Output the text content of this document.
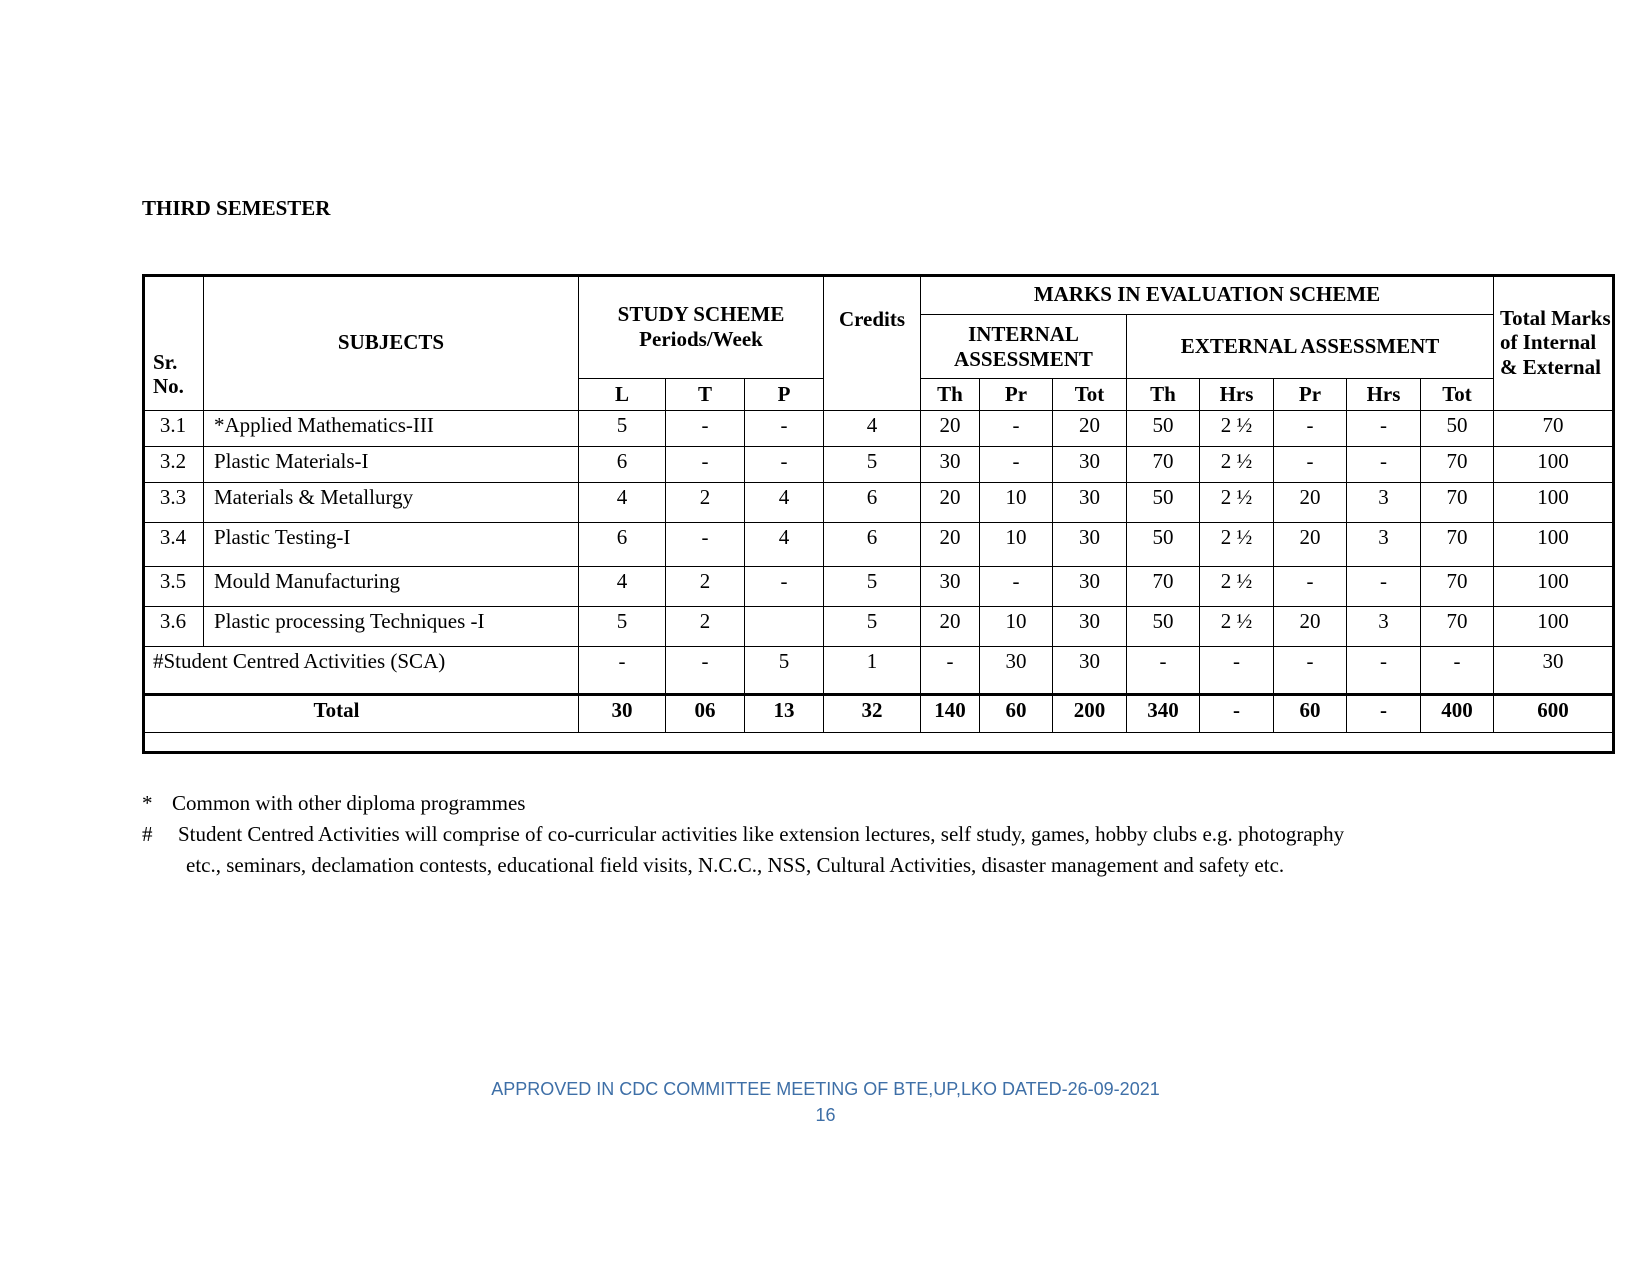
THIRD SEMESTER
Sr. No.	SUBJECTS	STUDY SCHEME Periods/Week			Credits	MARKS IN EVALUATION SCHEME								Total Marks of Internal & External
						INTERNAL ASSESSMENT			EXTERNAL ASSESSMENT					
		L	T	P		Th	Pr	Tot	Th	Hrs	Pr	Hrs	Tot	
3.1	*Applied Mathematics-III	5	-	-	4	20	-	20	50	2 ½	-	-	50	70
3.2	Plastic Materials-I	6	-	-	5	30	-	30	70	2 ½	-	-	70	100
3.3	Materials & Metallurgy	4	2	4	6	20	10	30	50	2 ½	20	3	70	100
3.4	Plastic Testing-I	6	-	4	6	20	10	30	50	2 ½	20	3	70	100
3.5	Mould Manufacturing	4	2	-	5	30	-	30	70	2 ½	-	-	70	100
3.6	Plastic processing Techniques -I	5	2		5	20	10	30	50	2 ½	20	3	70	100
#Student Centred Activities (SCA)		-	-	5	1	-	30	30	-	-	-	-	-	30
Total		30	06	13	32	140	60	200	340	-	60	-	400	600
* Common with other diploma programmes
#	Student Centred Activities will comprise of co-curricular activities like extension lectures, self study, games, hobby clubs e.g. photography
etc., seminars, declamation contests, educational field visits, N.C.C., NSS, Cultural Activities, disaster management and safety etc.
APPROVED IN CDC COMMITTEE MEETING OF BTE,UP,LKO DATED-26-09-2021
16
